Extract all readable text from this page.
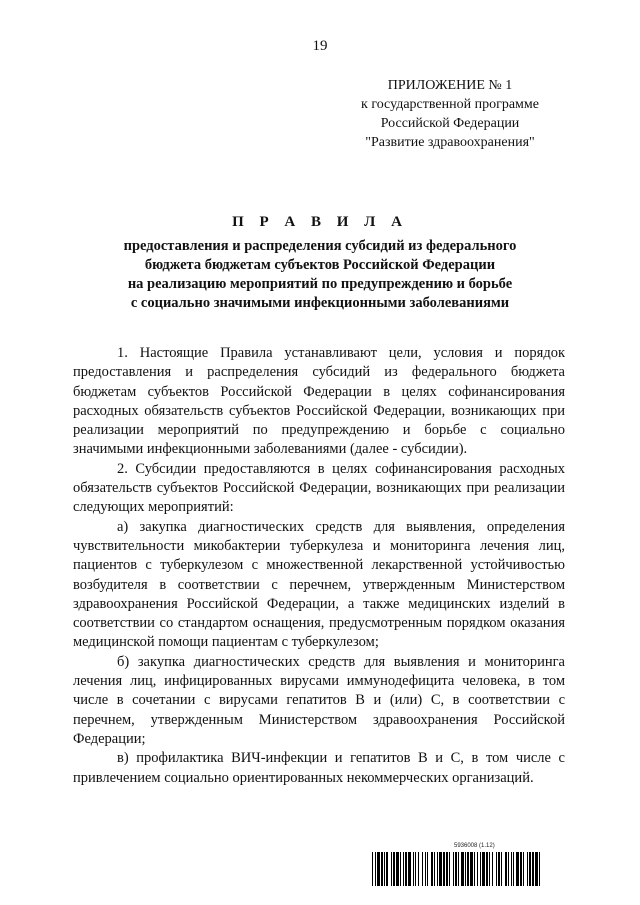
19
ПРИЛОЖЕНИЕ № 1
к государственной программе
Российской Федерации
"Развитие здравоохранения"
П Р А В И Л А
предоставления и распределения субсидий из федерального
бюджета бюджетам субъектов Российской Федерации
на реализацию мероприятий по предупреждению и борьбе
с социально значимыми инфекционными заболеваниями

1. Настоящие Правила устанавливают цели, условия и порядок предоставления и распределения субсидий из федерального бюджета бюджетам субъектов Российской Федерации в целях софинансирования расходных обязательств субъектов Российской Федерации, возникающих при реализации мероприятий по предупреждению и борьбе с социально значимыми инфекционными заболеваниями (далее - субсидии).

2. Субсидии предоставляются в целях софинансирования расходных обязательств субъектов Российской Федерации, возникающих при реализации следующих мероприятий:

а) закупка диагностических средств для выявления, определения чувствительности микобактерии туберкулеза и мониторинга лечения лиц, пациентов с туберкулезом с множественной лекарственной устойчивостью возбудителя в соответствии с перечнем, утвержденным Министерством здравоохранения Российской Федерации, а также медицинских изделий в соответствии со стандартом оснащения, предусмотренным порядком оказания медицинской помощи пациентам с туберкулезом;

б) закупка диагностических средств для выявления и мониторинга лечения лиц, инфицированных вирусами иммунодефицита человека, в том числе в сочетании с вирусами гепатитов В и (или) С, в соответствии с перечнем, утвержденным Министерством здравоохранения Российской Федерации;

в) профилактика ВИЧ-инфекции и гепатитов В и С, в том числе с привлечением социально ориентированных некоммерческих организаций.

5936008 (1.12)
